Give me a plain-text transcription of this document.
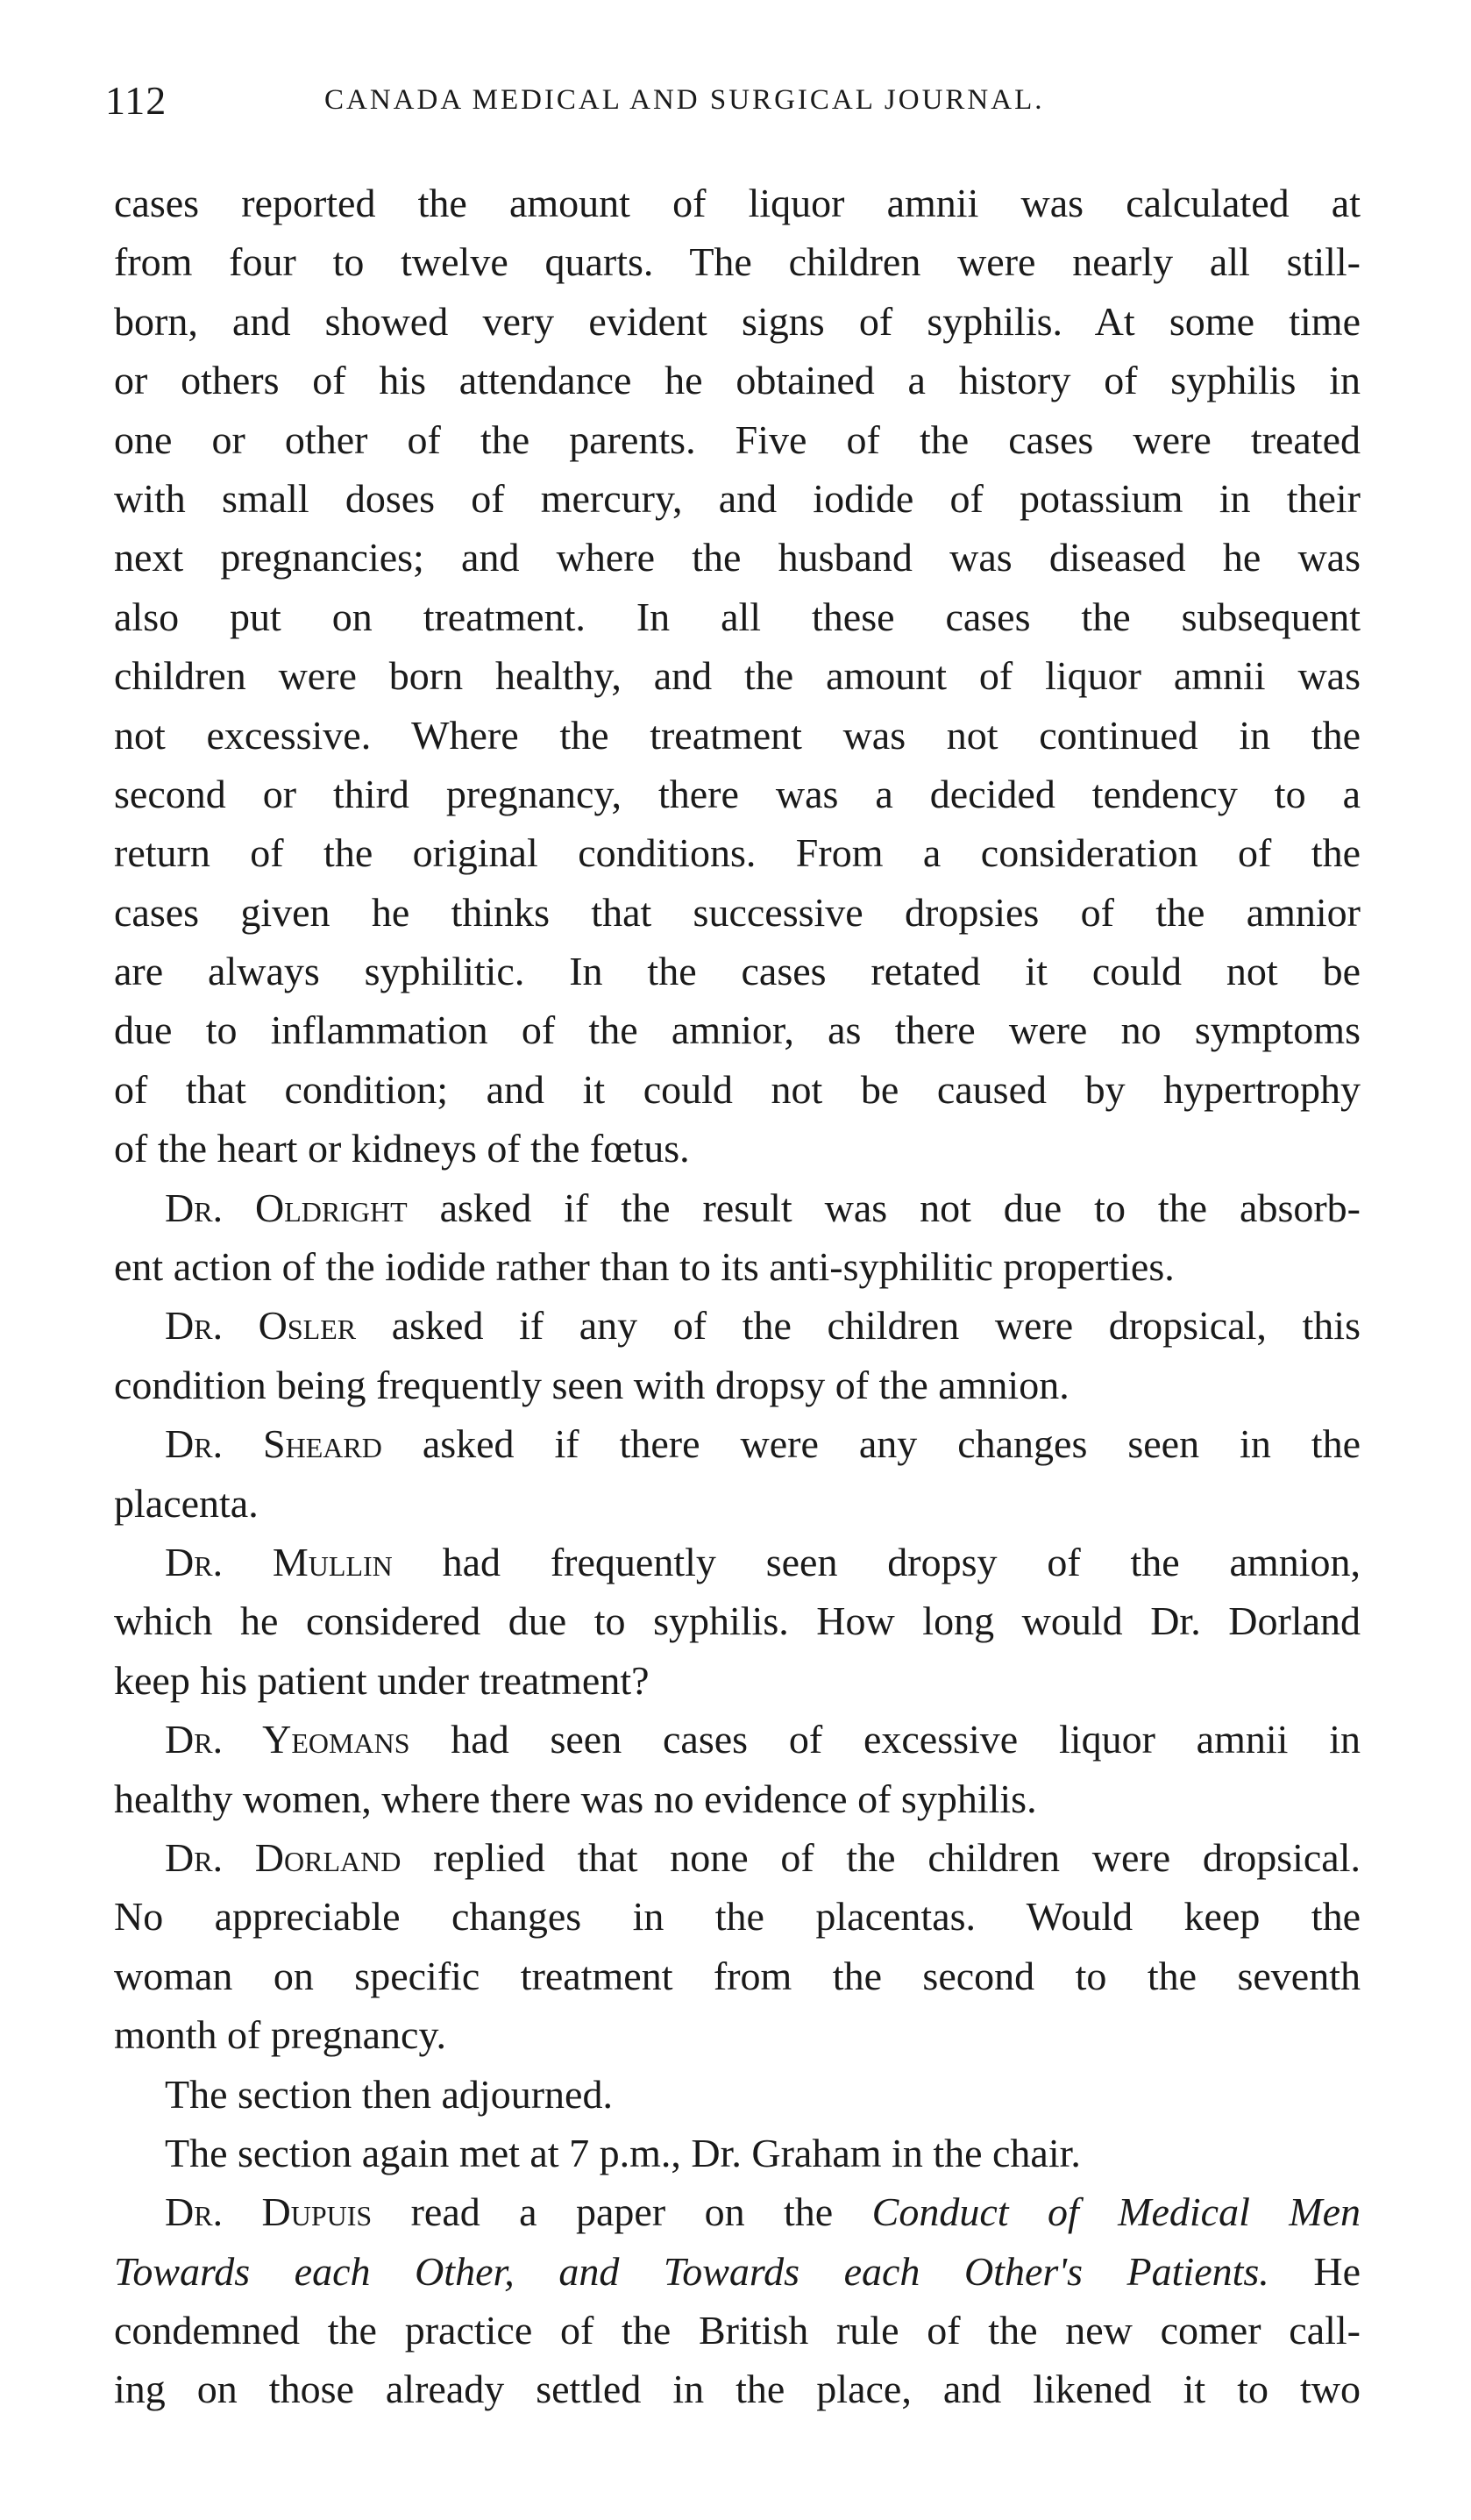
112	CANADA MEDICAL AND SURGICAL JOURNAL.
cases reported the amount of liquor amnii was calculated at
from four to twelve quarts. The children were nearly all still-
born, and showed very evident signs of syphilis. At some time
or others of his attendance he obtained a history of syphilis in
one or other of the parents. Five of the cases were treated
with small doses of mercury, and iodide of potassium in their
next pregnancies; and where the husband was diseased he was
also put on treatment. In all these cases the subsequent
children were born healthy, and the amount of liquor amnii was
not excessive. Where the treatment was not continued in the
second or third pregnancy, there was a decided tendency to a
return of the original conditions. From a consideration of the
cases given he thinks that successive dropsies of the amnior
are always syphilitic. In the cases retated it could not be
due to inflammation of the amnior, as there were no symptoms
of that condition; and it could not be caused by hypertrophy
of the heart or kidneys of the fœtus.
Dr. Oldright asked if the result was not due to the absorb-
ent action of the iodide rather than to its anti-syphilitic properties.
Dr. Osler asked if any of the children were dropsical, this
condition being frequently seen with dropsy of the amnion.
Dr. Sheard asked if there were any changes seen in the
placenta.
Dr. Mullin had frequently seen dropsy of the amnion,
which he considered due to syphilis. How long would Dr. Dorland
keep his patient under treatment?
Dr. Yeomans had seen cases of excessive liquor amnii in
healthy women, where there was no evidence of syphilis.
Dr. Dorland replied that none of the children were dropsical.
No appreciable changes in the placentas. Would keep the
woman on specific treatment from the second to the seventh
month of pregnancy.
The section then adjourned.
The section again met at 7 p.m., Dr. Graham in the chair.
Dr. Dupuis read a paper on the Conduct of Medical Men
Towards each Other, and Towards each Other's Patients. He
condemned the practice of the British rule of the new comer call-
ing on those already settled in the place, and likened it to two
